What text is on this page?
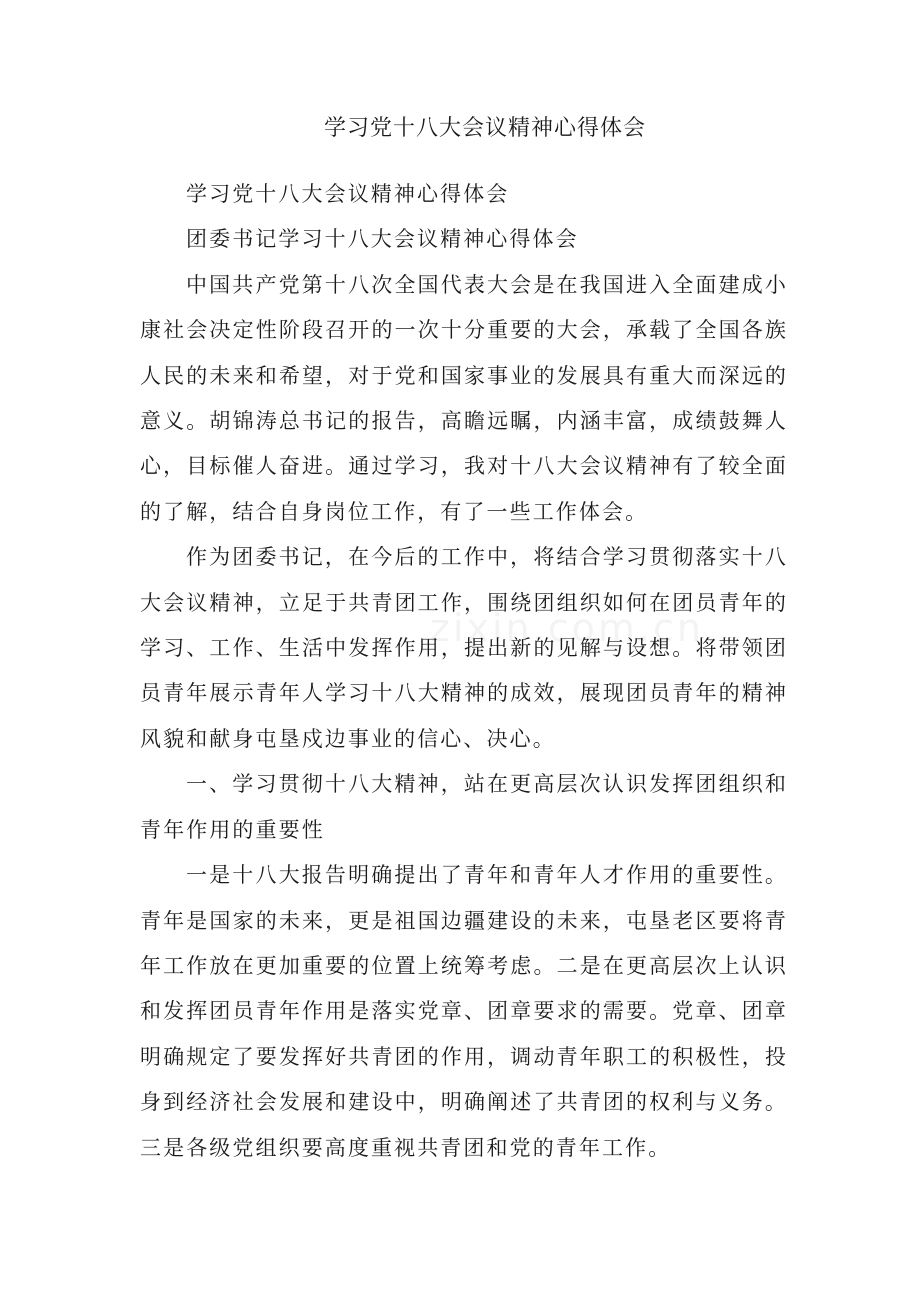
学习党十八大会议精神心得体会

学习党十八大会议精神心得体会

团委书记学习十八大会议精神心得体会

中国共产党第十八次全国代表大会是在我国进入全面建成小康社会决定性阶段召开的一次十分重要的大会，承载了全国各族人民的未来和希望，对于党和国家事业的发展具有重大而深远的意义。胡锦涛总书记的报告，高瞻远瞩，内涵丰富，成绩鼓舞人心，目标催人奋进。通过学习，我对十八大会议精神有了较全面的了解，结合自身岗位工作，有了一些工作体会。

作为团委书记，在今后的工作中，将结合学习贯彻落实十八大会议精神，立足于共青团工作，围绕团组织如何在团员青年的学习、工作、生活中发挥作用，提出新的见解与设想。将带领团员青年展示青年人学习十八大精神的成效，展现团员青年的精神风貌和献身屯垦戍边事业的信心、决心。

一、学习贯彻十八大精神，站在更高层次认识发挥团组织和青年作用的重要性

一是十八大报告明确提出了青年和青年人才作用的重要性。青年是国家的未来，更是祖国边疆建设的未来，屯垦老区要将青年工作放在更加重要的位置上统筹考虑。二是在更高层次上认识和发挥团员青年作用是落实党章、团章要求的需要。党章、团章明确规定了要发挥好共青团的作用，调动青年职工的积极性，投身到经济社会发展和建设中，明确阐述了共青团的权利与义务。三是各级党组织要高度重视共青团和党的青年工作。
